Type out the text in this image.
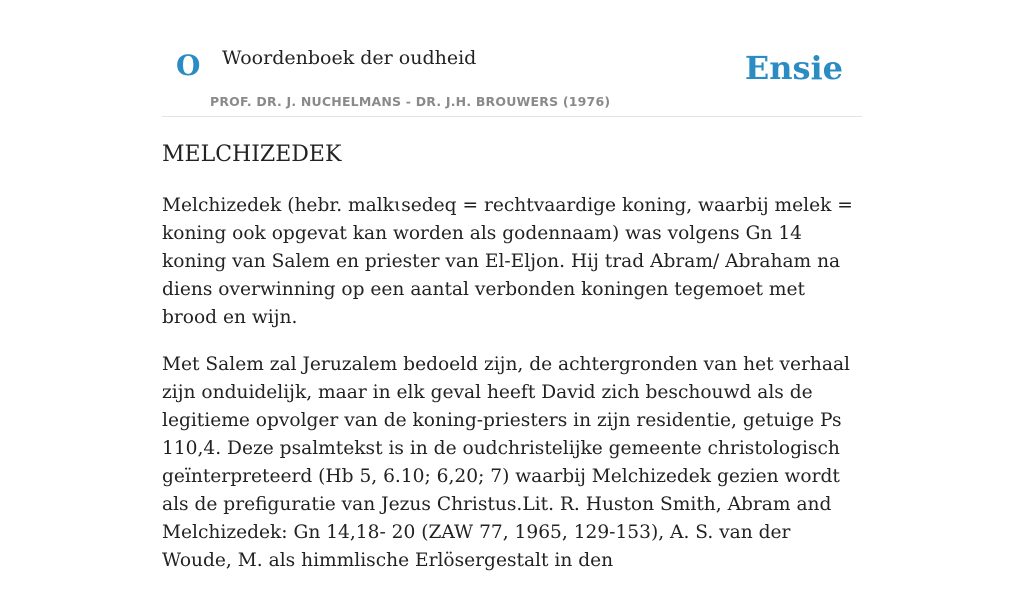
O Woordenboek der oudheid
PROF. DR. J. NUCHELMANS - DR. J.H. BROUWERS (1976)
Ensie
MELCHIZEDEK

Melchizedek (hebr. malkɩsedeq = rechtvaardige koning, waarbij melek = koning ook opgevat kan worden als godennaam) was volgens Gn 14 koning van Salem en priester van El-Eljon. Hij trad Abram/ Abraham na diens overwinning op een aantal verbonden koningen tegemoet met brood en wijn.

Met Salem zal Jeruzalem bedoeld zijn, de achtergronden van het verhaal zijn onduidelijk, maar in elk geval heeft David zich beschouwd als de legitieme opvolger van de koning-priesters in zijn residentie, getuige Ps 110,4. Deze psalmtekst is in de oudchristelijke gemeente christologisch geïnterpreteerd (Hb 5, 6.10; 6,20; 7) waarbij Melchizedek gezien wordt als de prefiguratie van Jezus Christus.Lit. R. Huston Smith, Abram and Melchizedek: Gn 14,18- 20 (ZAW 77, 1965, 129-153), A. S. van der Woude, M. als himmlische Erlösergestalt in den
